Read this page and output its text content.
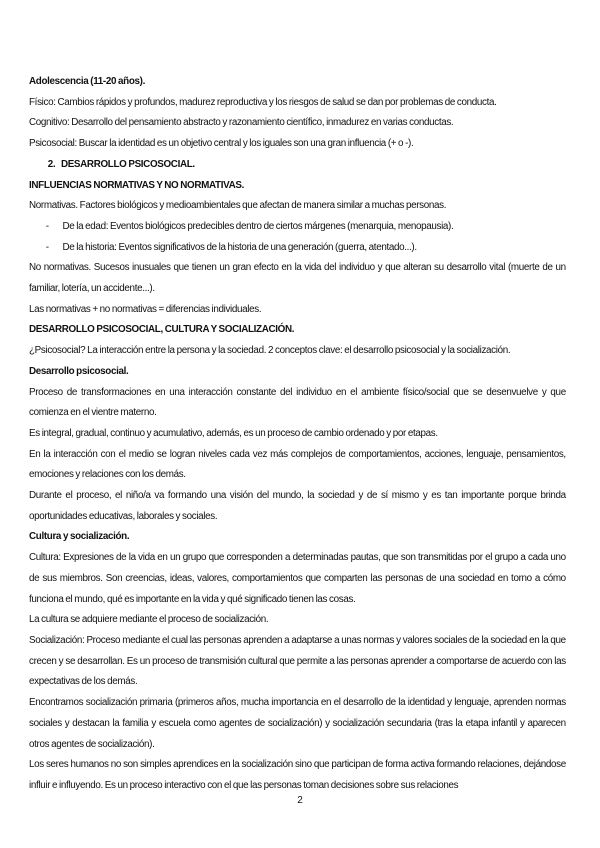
Adolescencia (11-20 años).
Físico: Cambios rápidos y profundos, madurez reproductiva y los riesgos de salud se dan por problemas de conducta.
Cognitivo: Desarrollo del pensamiento abstracto y razonamiento científico, inmadurez en varias conductas.
Psicosocial: Buscar la identidad es un objetivo central y los iguales son una gran influencia (+ o -).
2.   DESARROLLO PSICOSOCIAL.
INFLUENCIAS NORMATIVAS Y NO NORMATIVAS.
Normativas. Factores biológicos y medioambientales que afectan de manera similar a muchas personas.
-	De la edad: Eventos biológicos predecibles dentro de ciertos márgenes (menarquia, menopausia).
-	De la historia: Eventos significativos de la historia de una generación (guerra, atentado...).
No normativas. Sucesos inusuales que tienen un gran efecto en la vida del individuo y que alteran su desarrollo vital (muerte de un familiar, lotería, un accidente...).
Las normativas + no normativas = diferencias individuales.
DESARROLLO PSICOSOCIAL, CULTURA Y SOCIALIZACIÓN.
¿Psicosocial? La interacción entre la persona y la sociedad. 2 conceptos clave: el desarrollo psicosocial y la socialización.
Desarrollo psicosocial.
Proceso de transformaciones en una interacción constante del individuo en el ambiente físico/social que se desenvuelve y que comienza en el vientre materno.
Es integral, gradual, continuo y acumulativo, además, es un proceso de cambio ordenado y por etapas.
En la interacción con el medio se logran niveles cada vez más complejos de comportamientos, acciones, lenguaje, pensamientos, emociones y relaciones con los demás.
Durante el proceso, el niño/a va formando una visión del mundo, la sociedad y de sí mismo y es tan importante porque brinda oportunidades educativas, laborales y sociales.
Cultura y socialización.
Cultura: Expresiones de la vida en un grupo que corresponden a determinadas pautas, que son transmitidas por el grupo a cada uno de sus miembros. Son creencias, ideas, valores, comportamientos que comparten las personas de una sociedad en torno a cómo funciona el mundo, qué es importante en la vida y qué significado tienen las cosas.
La cultura se adquiere mediante el proceso de socialización.
Socialización: Proceso mediante el cual las personas aprenden a adaptarse a unas normas y valores sociales de la sociedad en la que crecen y se desarrollan. Es un proceso de transmisión cultural que permite a las personas aprender a comportarse de acuerdo con las expectativas de los demás.
Encontramos socialización primaria (primeros años, mucha importancia en el desarrollo de la identidad y lenguaje, aprenden normas sociales y destacan la familia y escuela como agentes de socialización) y socialización secundaria (tras la etapa infantil y aparecen otros agentes de socialización).
Los seres humanos no son simples aprendices en la socialización sino que participan de forma activa formando relaciones, dejándose influir e influyendo. Es un proceso interactivo con el que las personas toman decisiones sobre sus relaciones
2
